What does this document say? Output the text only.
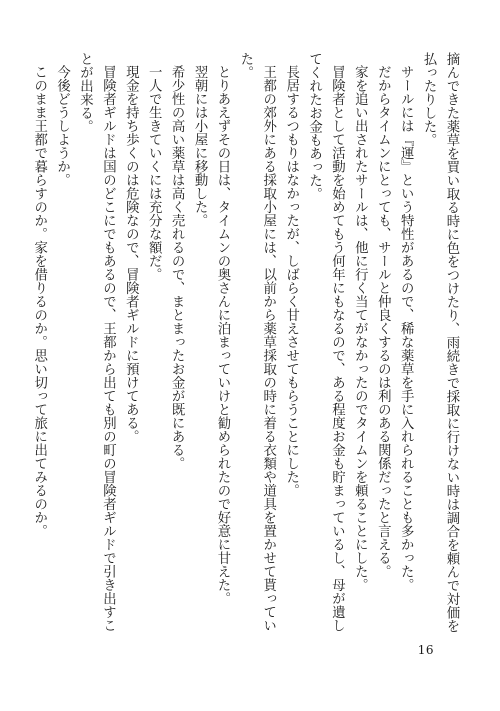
摘んできた薬草を買い取る時に色をつけたり、雨続きで採取に行けない時は調合を頼んで対価を払ったりした。

サールには『運』という特性があるので、稀な薬草を手に入れられることも多かった。

だからタイムンにとっても、サールと仲良くするのは利のある関係だったと言える。

家を追い出されたサールは、他に行く当てがなかったのでタイムンを頼ることにした。

冒険者として活動を始めてもう何年にもなるので、ある程度お金も貯まっているし、母が遺してくれたお金もあった。

長居するつもりはなかったが、しばらく甘えさせてもらうことにした。

王都の郊外にある採取小屋には、以前から薬草採取の時に着る衣類や道具を置かせて貰っていた。

とりあえずその日は、タイムンの奥さんに泊まっていけと勧められたので好意に甘えた。

翌朝には小屋に移動した。

希少性の高い薬草は高く売れるので、まとまったお金が既にある。

一人で生きていくには充分な額だ。

現金を持ち歩くのは危険なので、冒険者ギルドに預けてある。

冒険者ギルドは国のどこにでもあるので、王都から出ても別の町の冒険者ギルドで引き出すことが出来る。

今後どうしようか。

このまま王都で暮らすのか。家を借りるのか。思い切って旅に出てみるのか。

16
